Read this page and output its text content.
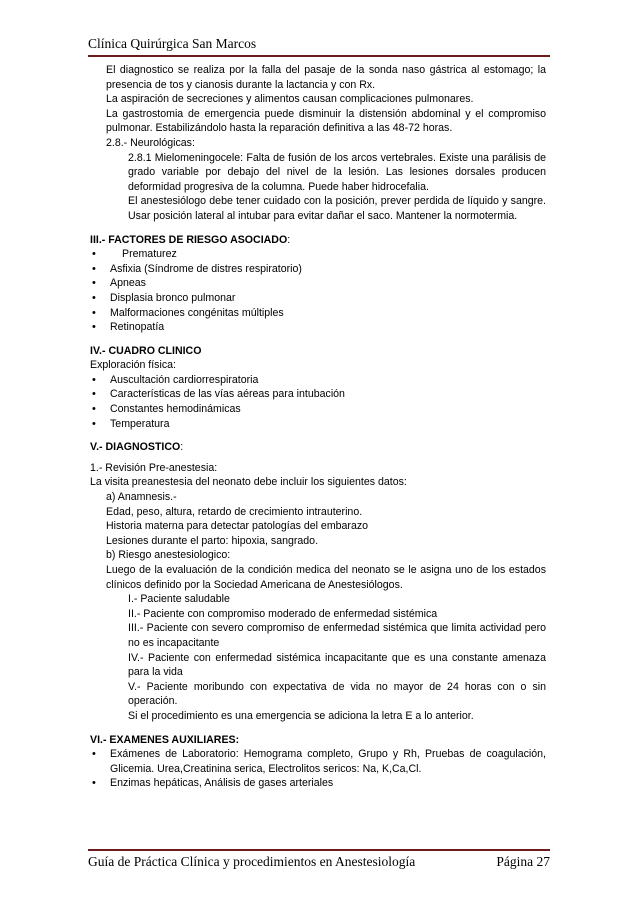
Clínica Quirúrgica San Marcos

El diagnostico se realiza por la falla del pasaje de la sonda naso gástrica al estomago; la presencia de tos y cianosis durante la lactancia y con Rx.

La aspiración de secreciones y alimentos causan complicaciones pulmonares.

La gastrostomia de emergencia puede disminuir la distensión abdominal y el compromiso pulmonar. Estabilizándolo hasta la reparación definitiva a las 48-72 horas.

2.8.- Neurológicas:

2.8.1 Mielomeningocele: Falta de fusión de los arcos vertebrales. Existe una parálisis de grado variable por debajo del nivel de la lesión. Las lesiones dorsales producen deformidad progresiva de la columna. Puede haber hidrocefalia.

El anestesiólogo debe tener cuidado con la posición, prever perdida de líquido y sangre. Usar posición lateral al intubar para evitar dañar el saco. Mantener la normotermia.

III.- FACTORES DE RIESGO ASOCIADO:

• Prematurez
• Asfixia (Síndrome de distres respiratorio)
• Apneas
• Displasia bronco pulmonar
• Malformaciones congénitas múltiples
• Retinopatía

IV.- CUADRO CLINICO

Exploración física:

• Auscultación cardiorrespiratoria
• Características de las vías aéreas para intubación
• Constantes hemodinámicas
• Temperatura

V.- DIAGNOSTICO:

1.- Revisión Pre-anestesia:

La visita preanestesia del neonato debe incluir los siguientes datos:

a) Anamnesis.-

Edad, peso, altura, retardo de crecimiento intrauterino.

Historia materna para detectar patologías del embarazo

Lesiones durante el parto: hipoxia, sangrado.

b) Riesgo anestesiologico:

Luego de la evaluación de la condición medica del neonato se le asigna uno de los estados clínicos definido por la Sociedad Americana de Anestesiólogos.

I.- Paciente saludable

II.- Paciente con compromiso moderado de enfermedad sistémica

III.- Paciente con severo compromiso de enfermedad sistémica que limita actividad pero no es incapacitante

IV.- Paciente con enfermedad sistémica incapacitante que es una constante amenaza para la vida

V.- Paciente moribundo con expectativa de vida no mayor de 24 horas con o sin operación.

Si el procedimiento es una emergencia se adiciona la letra E a lo anterior.

VI.- EXAMENES AUXILIARES:

• Exámenes de Laboratorio: Hemograma completo, Grupo y Rh, Pruebas de coagulación, Glicemia. Urea,Creatinina serica, Electrolitos sericos: Na, K,Ca,Cl.
• Enzimas hepáticas, Análisis de gases arteriales
Guía de Práctica Clínica y procedimientos en Anestesiología	Página 27
